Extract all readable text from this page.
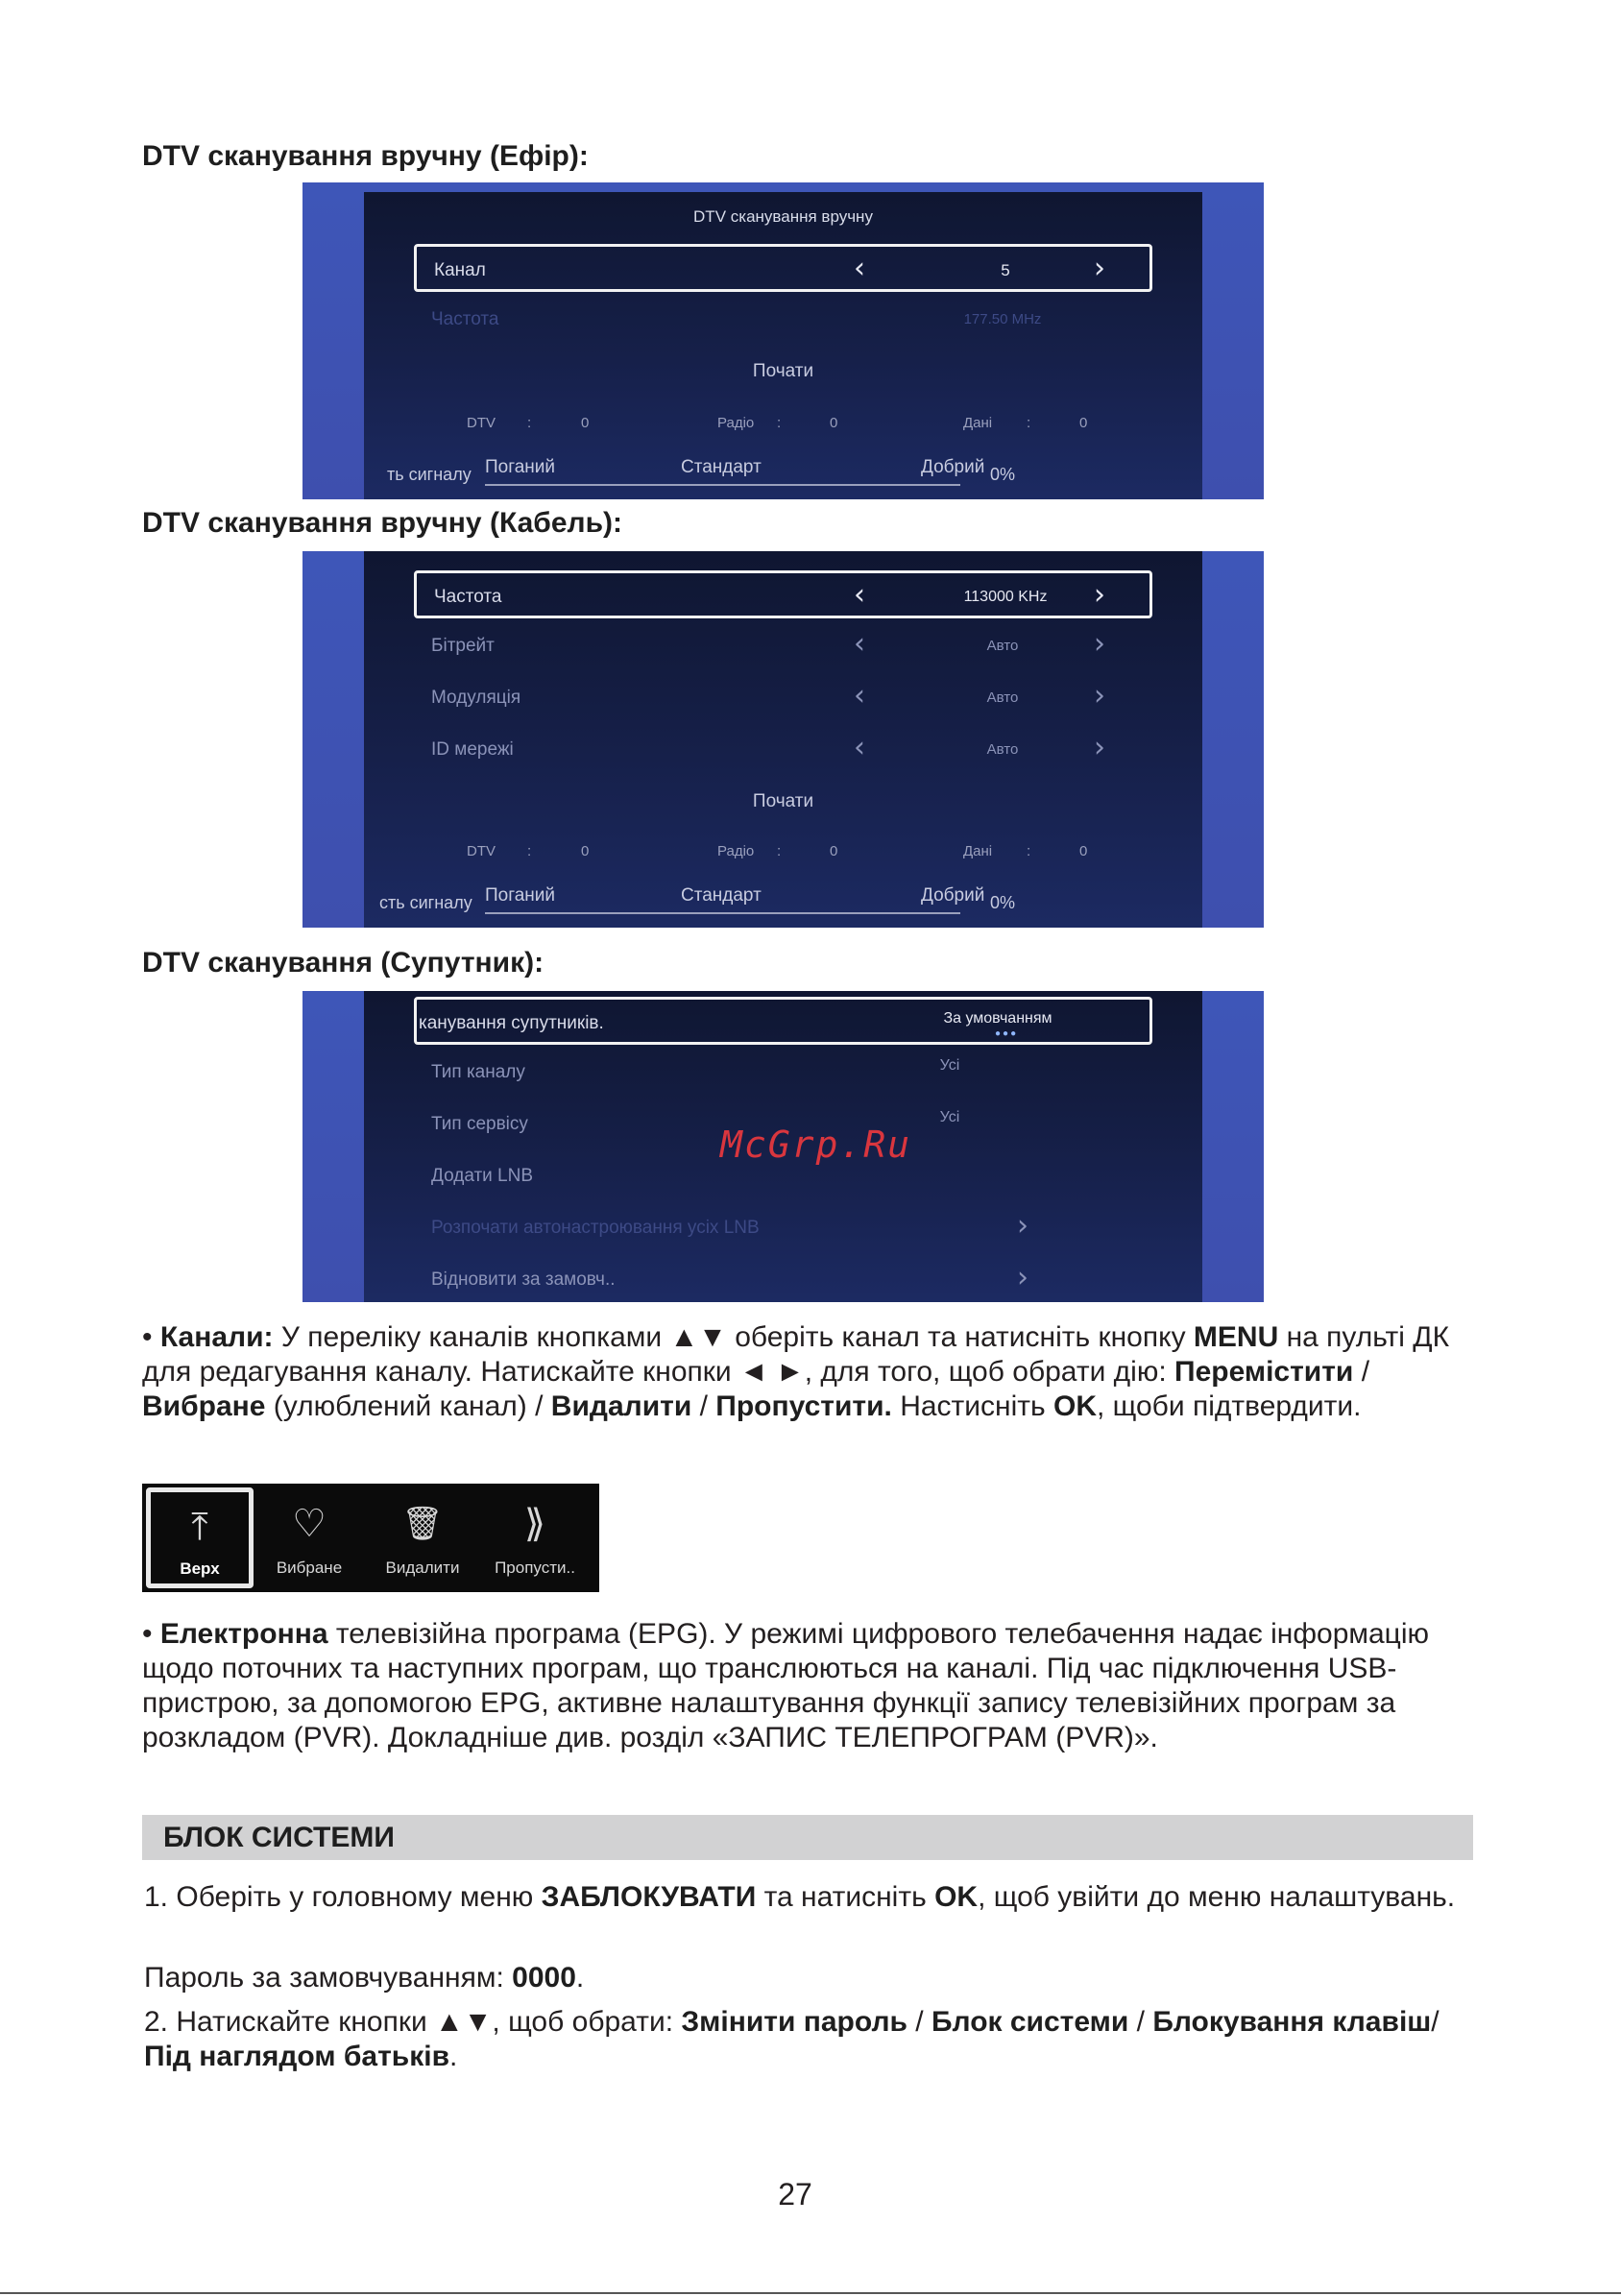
DTV сканування вручну (Ефір):
DTV сканування вручну
Канал	‹	5	›
Частота	177.50 MHz
Почати
DTV :	0	Радіо :	0	Дані :	0
ть сигналу Поганий	Стандарт	Добрий 0%
DTV сканування вручну (Кабель):
Частота	‹	113000 KHz	›
Бітрейт	‹	Авто	›
Модуляція	‹	Авто	›
ID мережі	‹	Авто	›
Почати
DTV :	0	Радіо :	0	Дані :	0
сть сигналу Поганий	Стандарт	Добрий 0%
DTV сканування (Супутник):
канування супутників.	За умовчанням
●●●
Тип каналу	Усі
Тип сервісу	Усі
Додати LNB
Розпочати автонастроювання усіх LNB	›
Відновити за замовч..	›
McGrp.Ru
• Канали: У переліку каналів кнопками ▲▼ оберіть канал та натисніть кнопку MENU на пульті ДК для редагування каналу. Натискайте кнопки ◄ ►, для того, щоб обрати дію: Перемістити / Вибране (улюблений канал) / Видалити / Пропустити. Настисніть OK, щоби підтвердити.
⤒
Верх
♡
Вибране
🗑
Видалити
⟫
Пропусти..
• Електронна телевізійна програма (EPG). У режимі цифрового телебачення надає інформацію щодо поточних та наступних програм, що транслюються на каналі. Під час підключення USB-пристрою, за допомогою EPG, активне налаштування функції запису телевізійних програм за розкладом (PVR). Докладніше див. розділ «ЗАПИС ТЕЛЕПРОГРАМ (PVR)».
БЛОК СИСТЕМИ
1. Оберіть у головному меню ЗАБЛОКУВАТИ та натисніть OK, щоб увійти до меню налаштувань.
Пароль за замовчуванням: 0000.
2. Натискайте кнопки ▲▼, щоб обрати: Змінити пароль / Блок системи / Блокування клавіш/ Під наглядом батьків.
27
